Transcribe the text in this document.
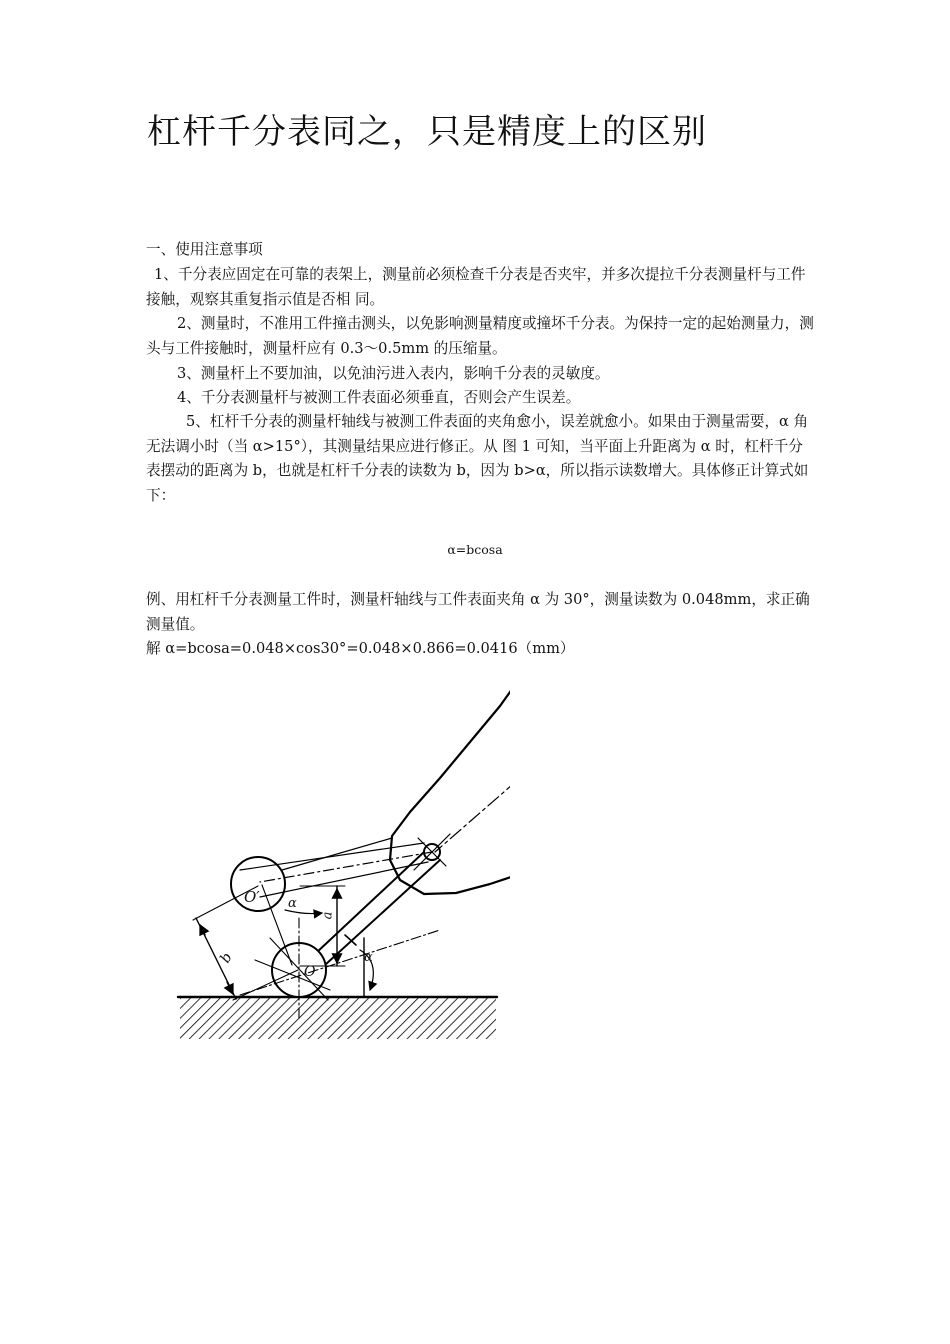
杠杆千分表同之，只是精度上的区别

一、使用注意事项

1、千分表应固定在可靠的表架上，测量前必须检查千分表是否夹牢，并多次提拉千分表测量杆与工件接触，观察其重复指示值是否相 同。

2、测量时，不准用工件撞击测头，以免影响测量精度或撞坏千分表。为保持一定的起始测量力，测头与工件接触时，测量杆应有 0.3～0.5mm 的压缩量。

3、测量杆上不要加油，以免油污进入表内，影响千分表的灵敏度。

4、千分表测量杆与被测工件表面必须垂直，否则会产生误差。

5、杠杆千分表的测量杆轴线与被测工件表面的夹角愈小，误差就愈小。如果由于测量需要，α 角无法调小时（当 α>15°），其测量结果应进行修正。从 图 1 可知，当平面上升距离为 α 时，杠杆千分表摆动的距离为 b，也就是杠杆千分表的读数为 b，因为 b>α，所以指示读数增大。具体修正计算式如下：

α=bcosa

例、用杠杆千分表测量工件时，测量杆轴线与工件表面夹角 α 为 30°，测量读数为 0.048mm，求正确测量值。

解 α=bcosa=0.048×cos30°=0.048×0.866=0.0416（mm）

O′
O
α
a
α
b
